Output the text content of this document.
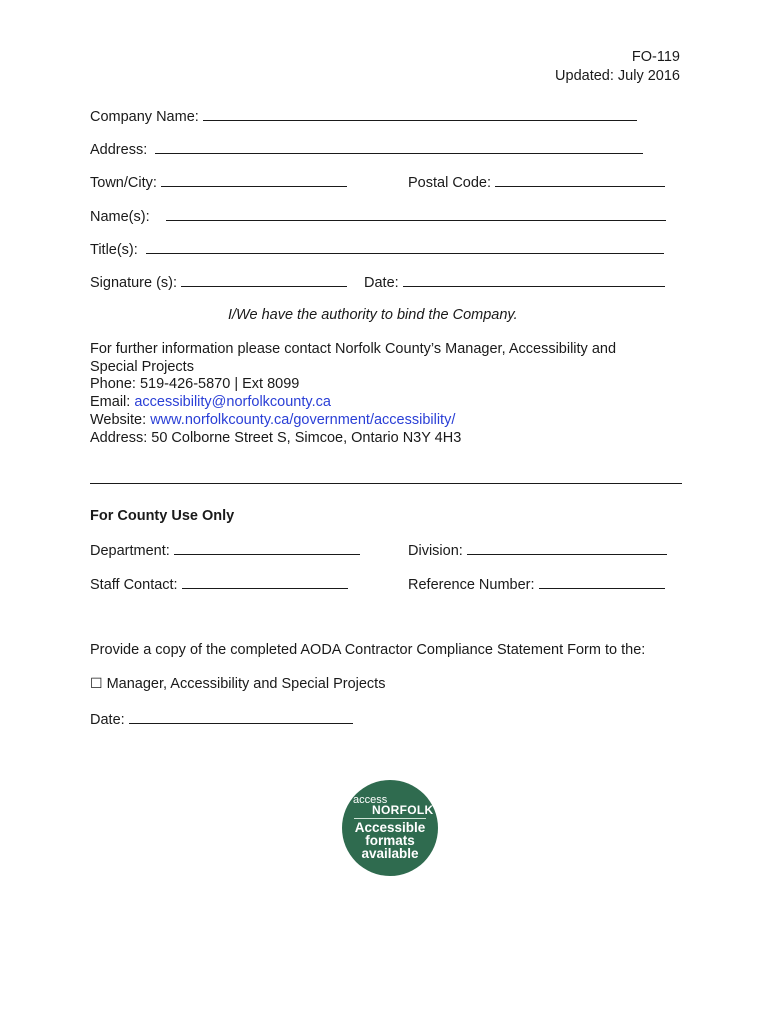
FO-119
Updated: July 2016
Company Name:
Address:
Town/City:	Postal Code:
Name(s):
Title(s):
Signature (s):	Date:
I/We have the authority to bind the Company.
For further information please contact Norfolk County’s Manager, Accessibility and
Special Projects
Phone: 519-426-5870 | Ext 8099
Email: accessibility@norfolkcounty.ca
Website: www.norfolkcounty.ca/government/accessibility/
Address: 50 Colborne Street S, Simcoe, Ontario N3Y 4H3
For County Use Only
Department:	Division:
Staff Contact:	Reference Number:
Provide a copy of the completed AODA Contractor Compliance Statement Form to the:
☐ Manager, Accessibility and Special Projects
Date:
access
NORFOLK
Accessible
formats
available
